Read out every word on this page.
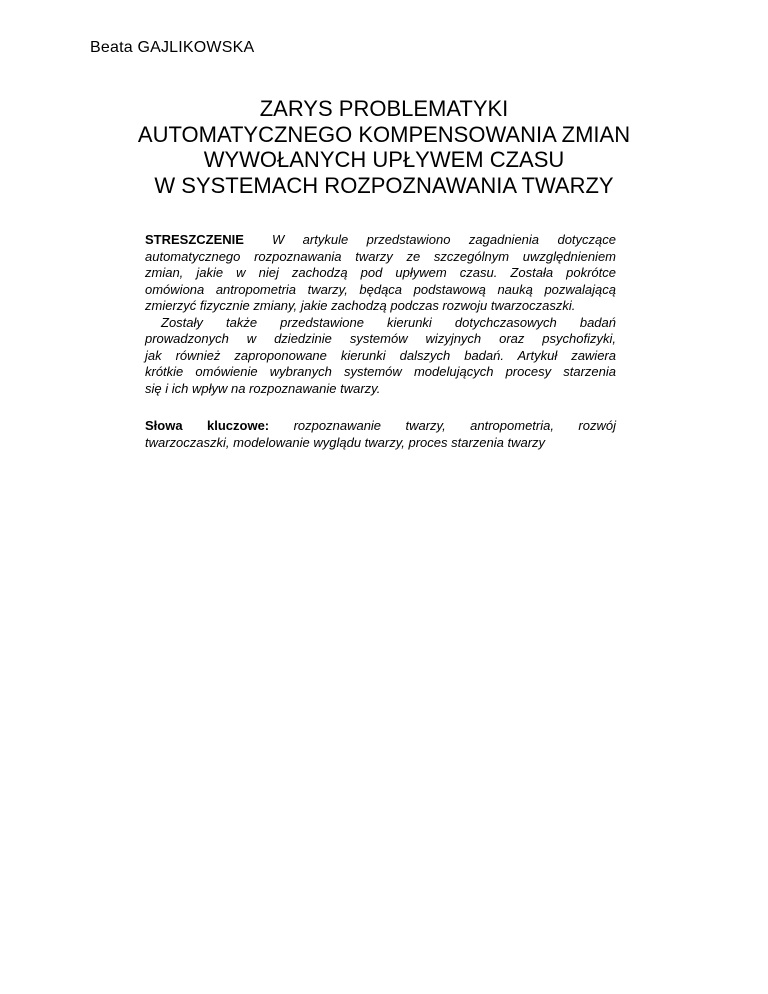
Beata GAJLIKOWSKA
ZARYS PROBLEMATYKI
AUTOMATYCZNEGO KOMPENSOWANIA ZMIAN
WYWOŁANYCH UPŁYWEM CZASU
W SYSTEMACH ROZPOZNAWANIA TWARZY
STRESZCZENIE W artykule przedstawiono zagadnienia dotyczące
automatycznego rozpoznawania twarzy ze szczególnym uwzględnieniem
zmian, jakie w niej zachodzą pod upływem czasu. Została pokrótce
omówiona antropometria twarzy, będąca podstawową nauką pozwalającą
zmierzyć fizycznie zmiany, jakie zachodzą podczas rozwoju twarzoczaszki.
Zostały także przedstawione kierunki dotychczasowych badań
prowadzonych w dziedzinie systemów wizyjnych oraz psychofizyki,
jak również zaproponowane kierunki dalszych badań. Artykuł zawiera
krótkie omówienie wybranych systemów modelujących procesy starzenia
się i ich wpływ na rozpoznawanie twarzy.
Słowa kluczowe: rozpoznawanie twarzy, antropometria, rozwój
twarzoczaszki, modelowanie wyglądu twarzy, proces starzenia twarzy
